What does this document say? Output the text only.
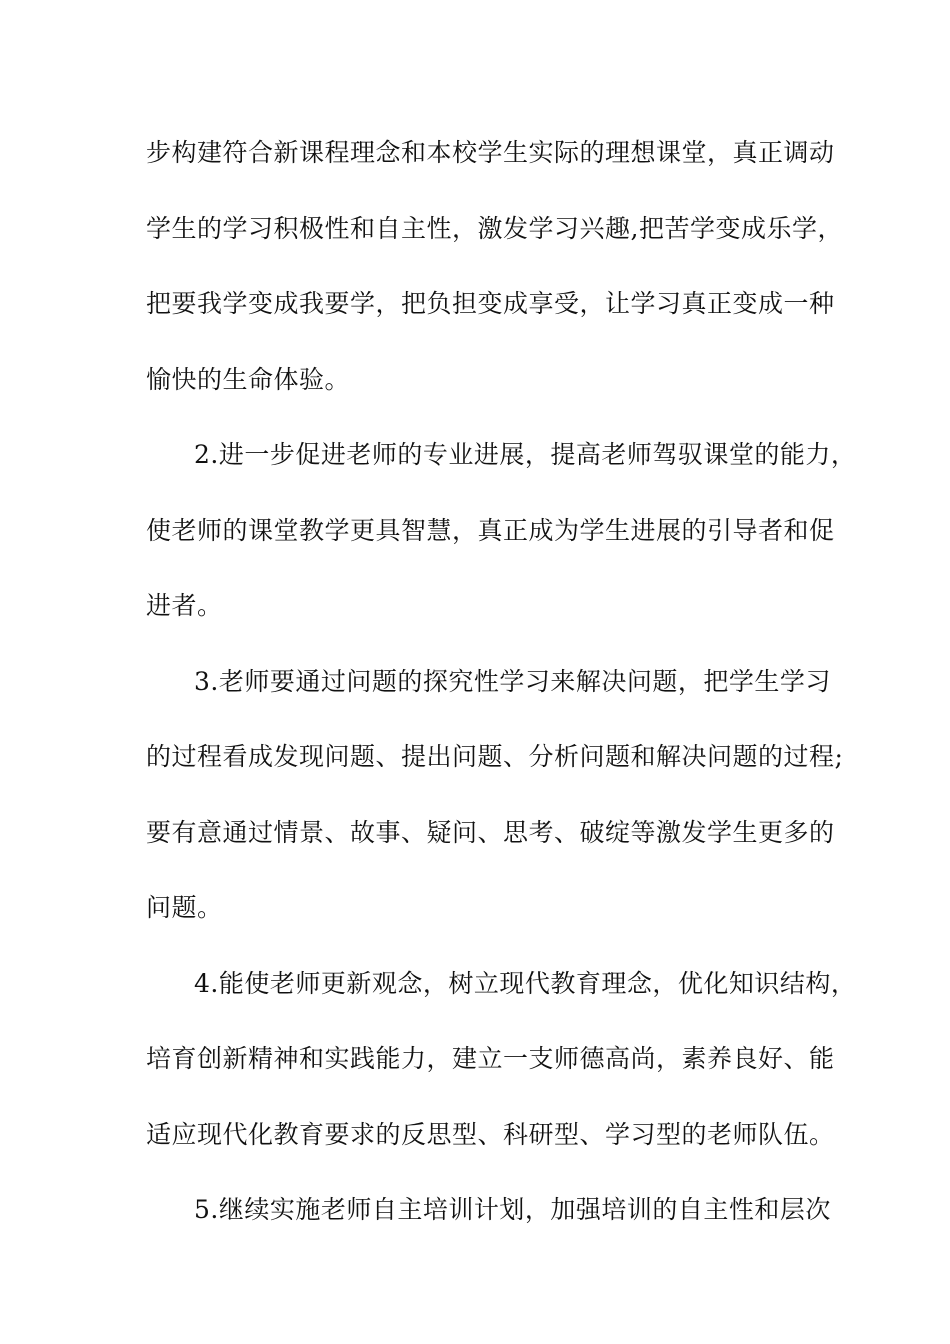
步构建符合新课程理念和本校学生实际的理想课堂，真正调动
学生的学习积极性和自主性，激发学习兴趣,把苦学变成乐学，
把要我学变成我要学，把负担变成享受，让学习真正变成一种
愉快的生命体验。
2.进一步促进老师的专业进展，提高老师驾驭课堂的能力，
使老师的课堂教学更具智慧，真正成为学生进展的引导者和促
进者。
3.老师要通过问题的探究性学习来解决问题，把学生学习
的过程看成发现问题、提出问题、分析问题和解决问题的过程;
要有意通过情景、故事、疑问、思考、破绽等激发学生更多的
问题。
4.能使老师更新观念，树立现代教育理念，优化知识结构，
培育创新精神和实践能力，建立一支师德高尚，素养良好、能
适应现代化教育要求的反思型、科研型、学习型的老师队伍。
5.继续实施老师自主培训计划，加强培训的自主性和层次
